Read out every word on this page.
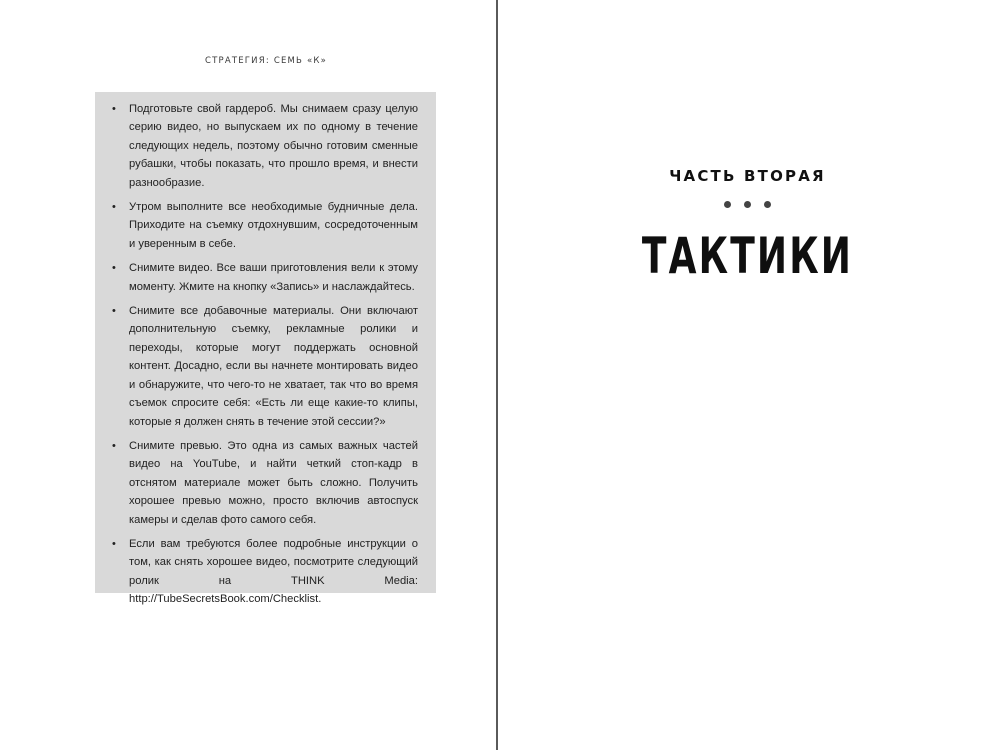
СТРАТЕГИЯ: СЕМЬ «К»
• Подготовьте свой гардероб. Мы снимаем сразу целую серию видео, но выпускаем их по одному в течение следующих недель, поэтому обычно готовим сменные рубашки, чтобы показать, что прошло время, и внести разнообразие.
• Утром выполните все необходимые будничные дела. Приходите на съемку отдохнувшим, сосредоточенным и уверенным в себе.
• Снимите видео. Все ваши приготовления вели к этому моменту. Жмите на кнопку «Запись» и наслаждайтесь.
• Снимите все добавочные материалы. Они включают дополнительную съемку, рекламные ролики и переходы, которые могут поддержать основной контент. Досадно, если вы начнете монтировать видео и обнаружите, что чего-то не хватает, так что во время съемок спросите себя: «Есть ли еще какие-то клипы, которые я должен снять в течение этой сессии?»
• Снимите превью. Это одна из самых важных частей видео на YouTube, и найти четкий стоп-кадр в отснятом материале может быть сложно. Получить хорошее превью можно, просто включив автоспуск камеры и сделав фото самого себя.
• Если вам требуются более подробные инструкции о том, как снять хорошее видео, посмотрите следующий ролик на THINK Media: http://TubeSecretsBook.com/Checklist.
ЧАСТЬ ВТОРАЯ
ТАКТИКИ
